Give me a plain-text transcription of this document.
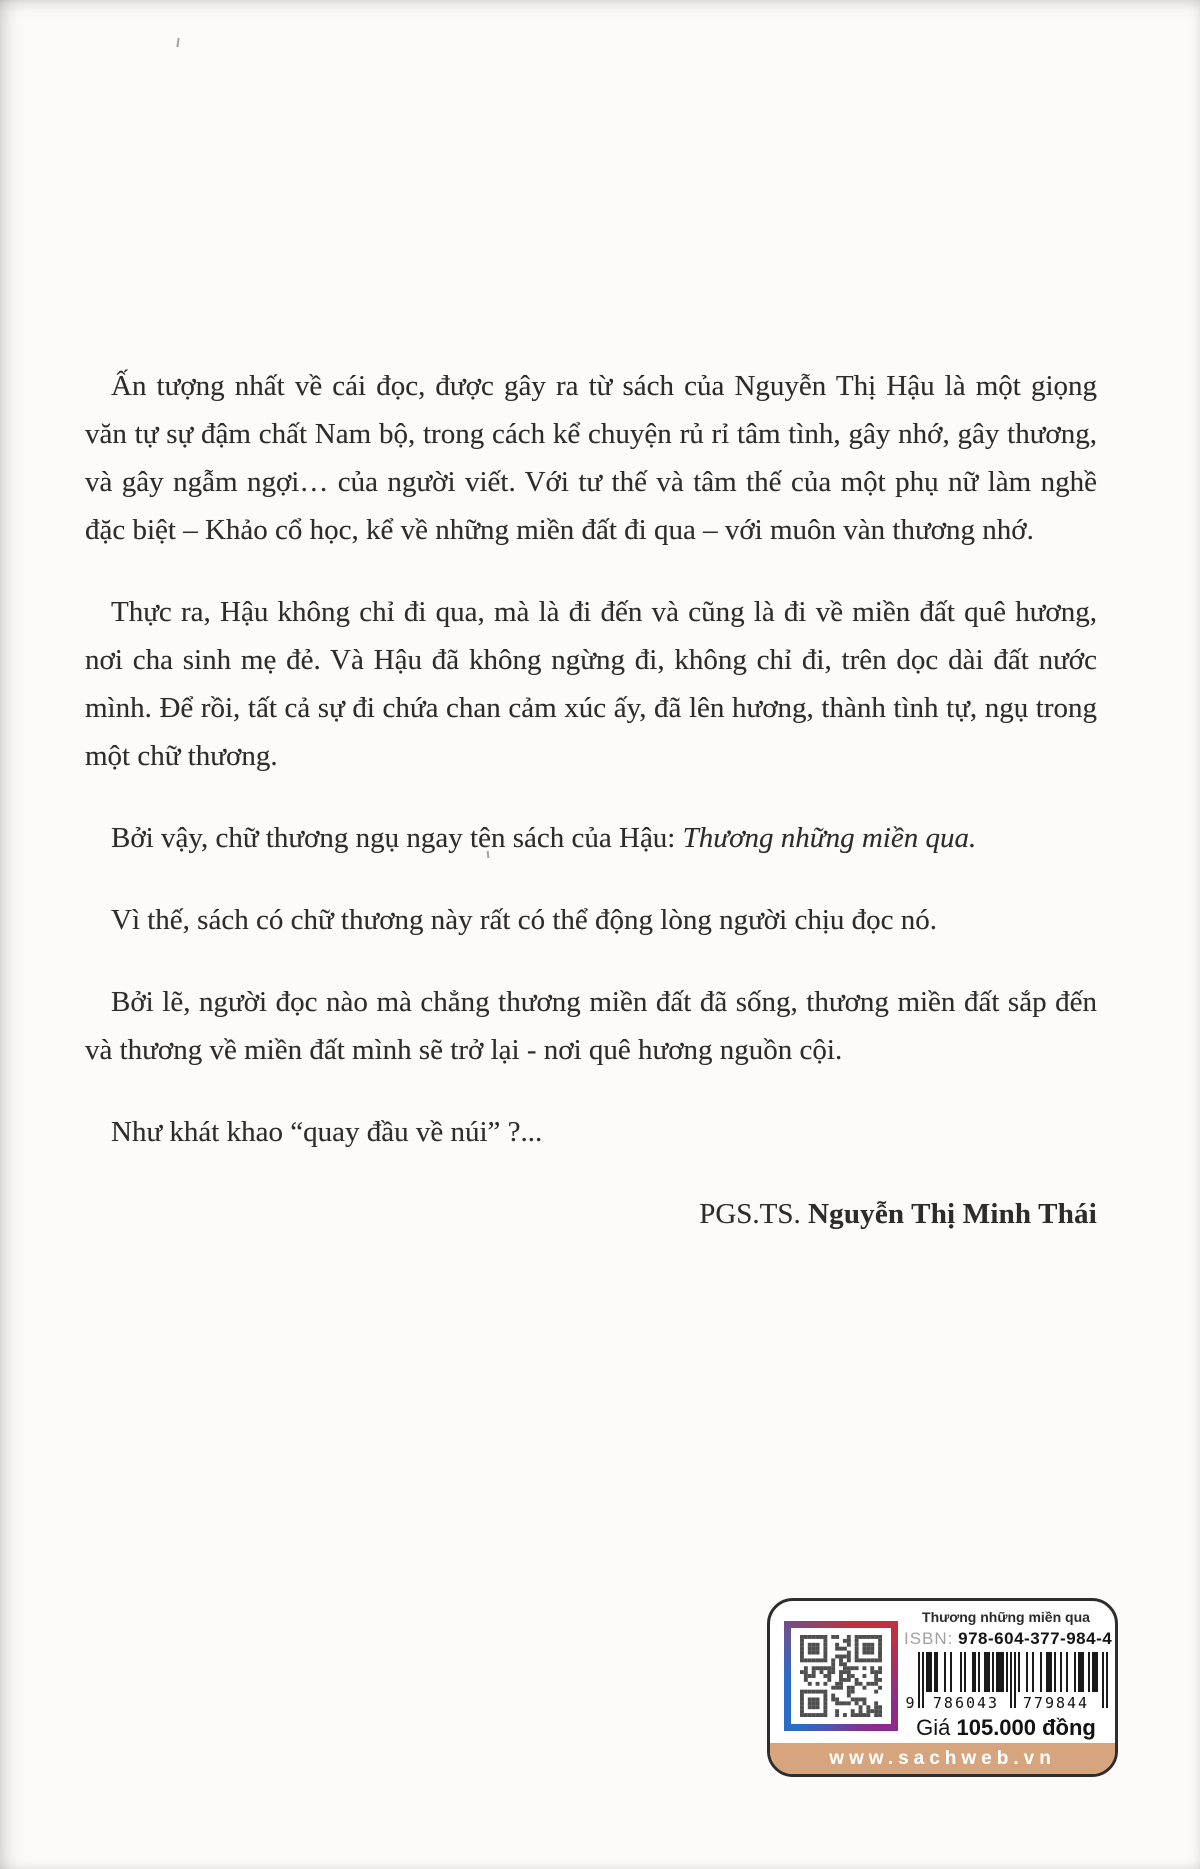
Ấn tượng nhất về cái đọc, được gây ra từ sách của Nguyễn Thị Hậu là một giọng văn tự sự đậm chất Nam bộ, trong cách kể chuyện rủ rỉ tâm tình, gây nhớ, gây thương, và gây ngẫm ngợi… của người viết. Với tư thế và tâm thế của một phụ nữ làm nghề đặc biệt – Khảo cổ học, kể về những miền đất đi qua – với muôn vàn thương nhớ.

Thực ra, Hậu không chỉ đi qua, mà là đi đến và cũng là đi về miền đất quê hương, nơi cha sinh mẹ đẻ. Và Hậu đã không ngừng đi, không chỉ đi, trên dọc dài đất nước mình. Để rồi, tất cả sự đi chứa chan cảm xúc ấy, đã lên hương, thành tình tự, ngụ trong một chữ thương.

Bởi vậy, chữ thương ngụ ngay tên sách của Hậu: Thương những miền qua.

Vì thế, sách có chữ thương này rất có thể động lòng người chịu đọc nó.

Bởi lẽ, người đọc nào mà chẳng thương miền đất đã sống, thương miền đất sắp đến và thương về miền đất mình sẽ trở lại - nơi quê hương nguồn cội.

Như khát khao “quay đầu về núi” ?...

PGS.TS. Nguyễn Thị Minh Thái

Thương những miền qua
ISBN: 978-604-377-984-4
9	786043	779844
Giá 105.000 đồng
www.sachweb.vn
